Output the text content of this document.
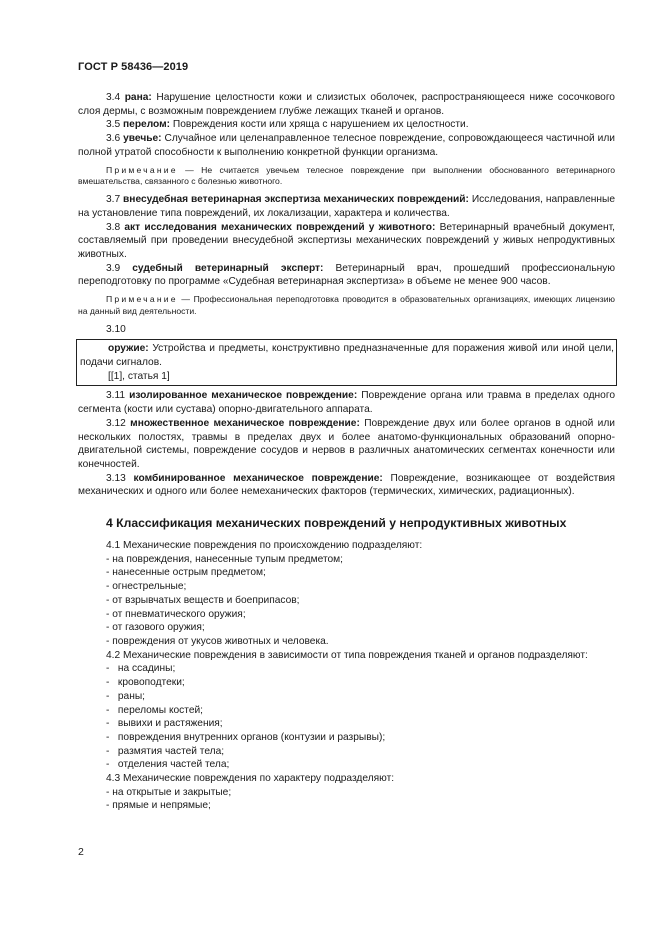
ГОСТ Р 58436—2019

3.4 рана: Нарушение целостности кожи и слизистых оболочек, распространяющееся ниже сосочкового слоя дермы, с возможным повреждением глубже лежащих тканей и органов.

3.5 перелом: Повреждения кости или хряща с нарушением их целостности.

3.6 увечье: Случайное или целенаправленное телесное повреждение, сопровождающееся частичной или полной утратой способности к выполнению конкретной функции организма.

Примечание — Не считается увечьем телесное повреждение при выполнении обоснованного ветеринарного вмешательства, связанного с болезнью животного.

3.7 внесудебная ветеринарная экспертиза механических повреждений: Исследования, направленные на установление типа повреждений, их локализации, характера и количества.

3.8 акт исследования механических повреждений у животного: Ветеринарный врачебный документ, составляемый при проведении внесудебной экспертизы механических повреждений у живых непродуктивных животных.

3.9 судебный ветеринарный эксперт: Ветеринарный врач, прошедший профессиональную переподготовку по программе «Судебная ветеринарная экспертиза» в объеме не менее 900 часов.

Примечание — Профессиональная переподготовка проводится в образовательных организациях, имеющих лицензию на данный вид деятельности.

3.10

оружие: Устройства и предметы, конструктивно предназначенные для поражения живой или иной цели, подачи сигналов.

[[1], статья 1]

3.11 изолированное механическое повреждение: Повреждение органа или травма в пределах одного сегмента (кости или сустава) опорно-двигательного аппарата.

3.12 множественное механическое повреждение: Повреждение двух или более органов в одной или нескольких полостях, травмы в пределах двух и более анатомо-функциональных образований опорно-двигательной системы, повреждение сосудов и нервов в различных анатомических сегментах конечности или конечностей.

3.13 комбинированное механическое повреждение: Повреждение, возникающее от воздействия механических и одного или более немеханических факторов (термических, химических, радиационных).

4 Классификация механических повреждений у непродуктивных животных

4.1 Механические повреждения по происхождению подразделяют:

- на повреждения, нанесенные тупым предметом;
- нанесенные острым предметом;
- огнестрельные;
- от взрывчатых веществ и боеприпасов;
- от пневматического оружия;
- от газового оружия;
- повреждения от укусов животных и человека.

4.2 Механические повреждения в зависимости от типа повреждения тканей и органов подразделяют:

-   на ссадины;
-   кровоподтеки;
-   раны;
-   переломы костей;
-   вывихи и растяжения;
-   повреждения внутренних органов (контузии и разрывы);
-   размятия частей тела;
-   отделения частей тела;

4.3 Механические повреждения по характеру подразделяют:

- на открытые и закрытые;
- прямые и непрямые;
2
